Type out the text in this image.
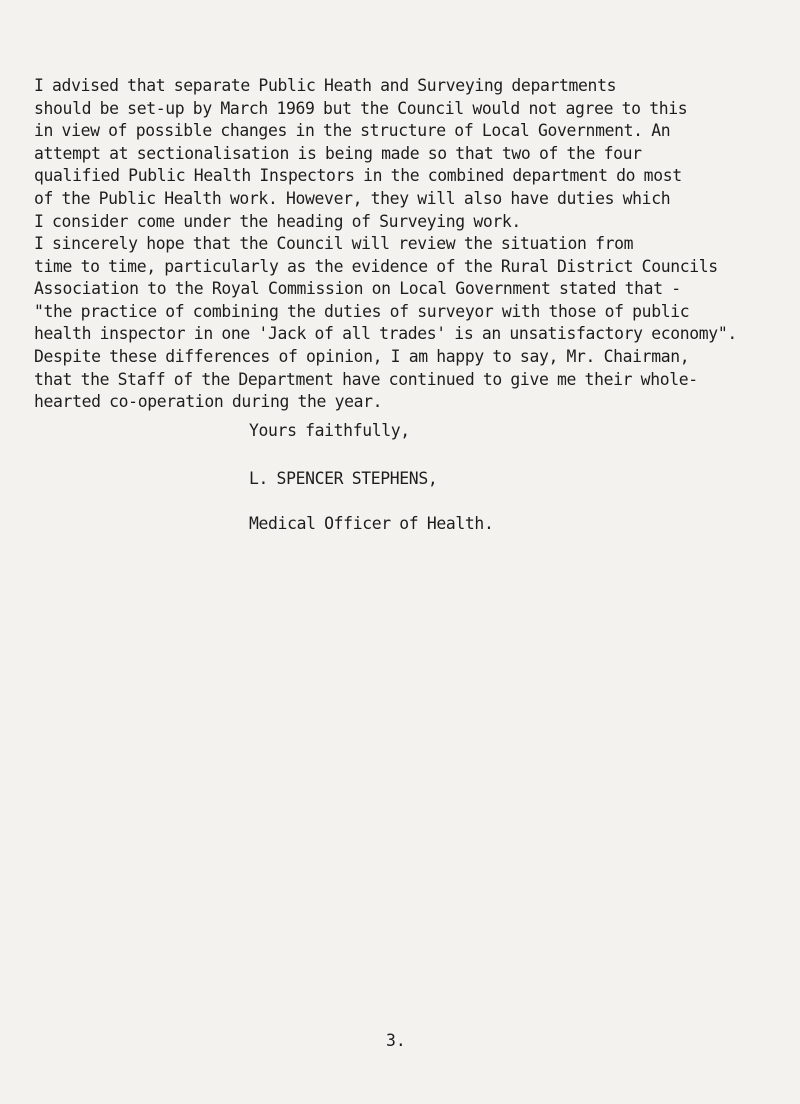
I advised that separate Public Heath and Surveying departments
should be set-up by March 1969 but the Council would not agree to this
in view of possible changes in the structure of Local Government. An
attempt at sectionalisation is being made so that two of the four
qualified Public Health Inspectors in the combined department do most
of the Public Health work. However, they will also have duties which
I consider come under the heading of Surveying work.

I sincerely hope that the Council will review the situation from
time to time, particularly as the evidence of the Rural District Councils
Association to the Royal Commission on Local Government stated that -
"the practice of combining the duties of surveyor with those of public
health inspector in one 'Jack of all trades' is an unsatisfactory economy".

Despite these differences of opinion, I am happy to say, Mr. Chairman,
that the Staff of the Department have continued to give me their whole-
hearted co-operation during the year.

Yours faithfully,
L. SPENCER STEPHENS,
Medical Officer of Health.
3.
